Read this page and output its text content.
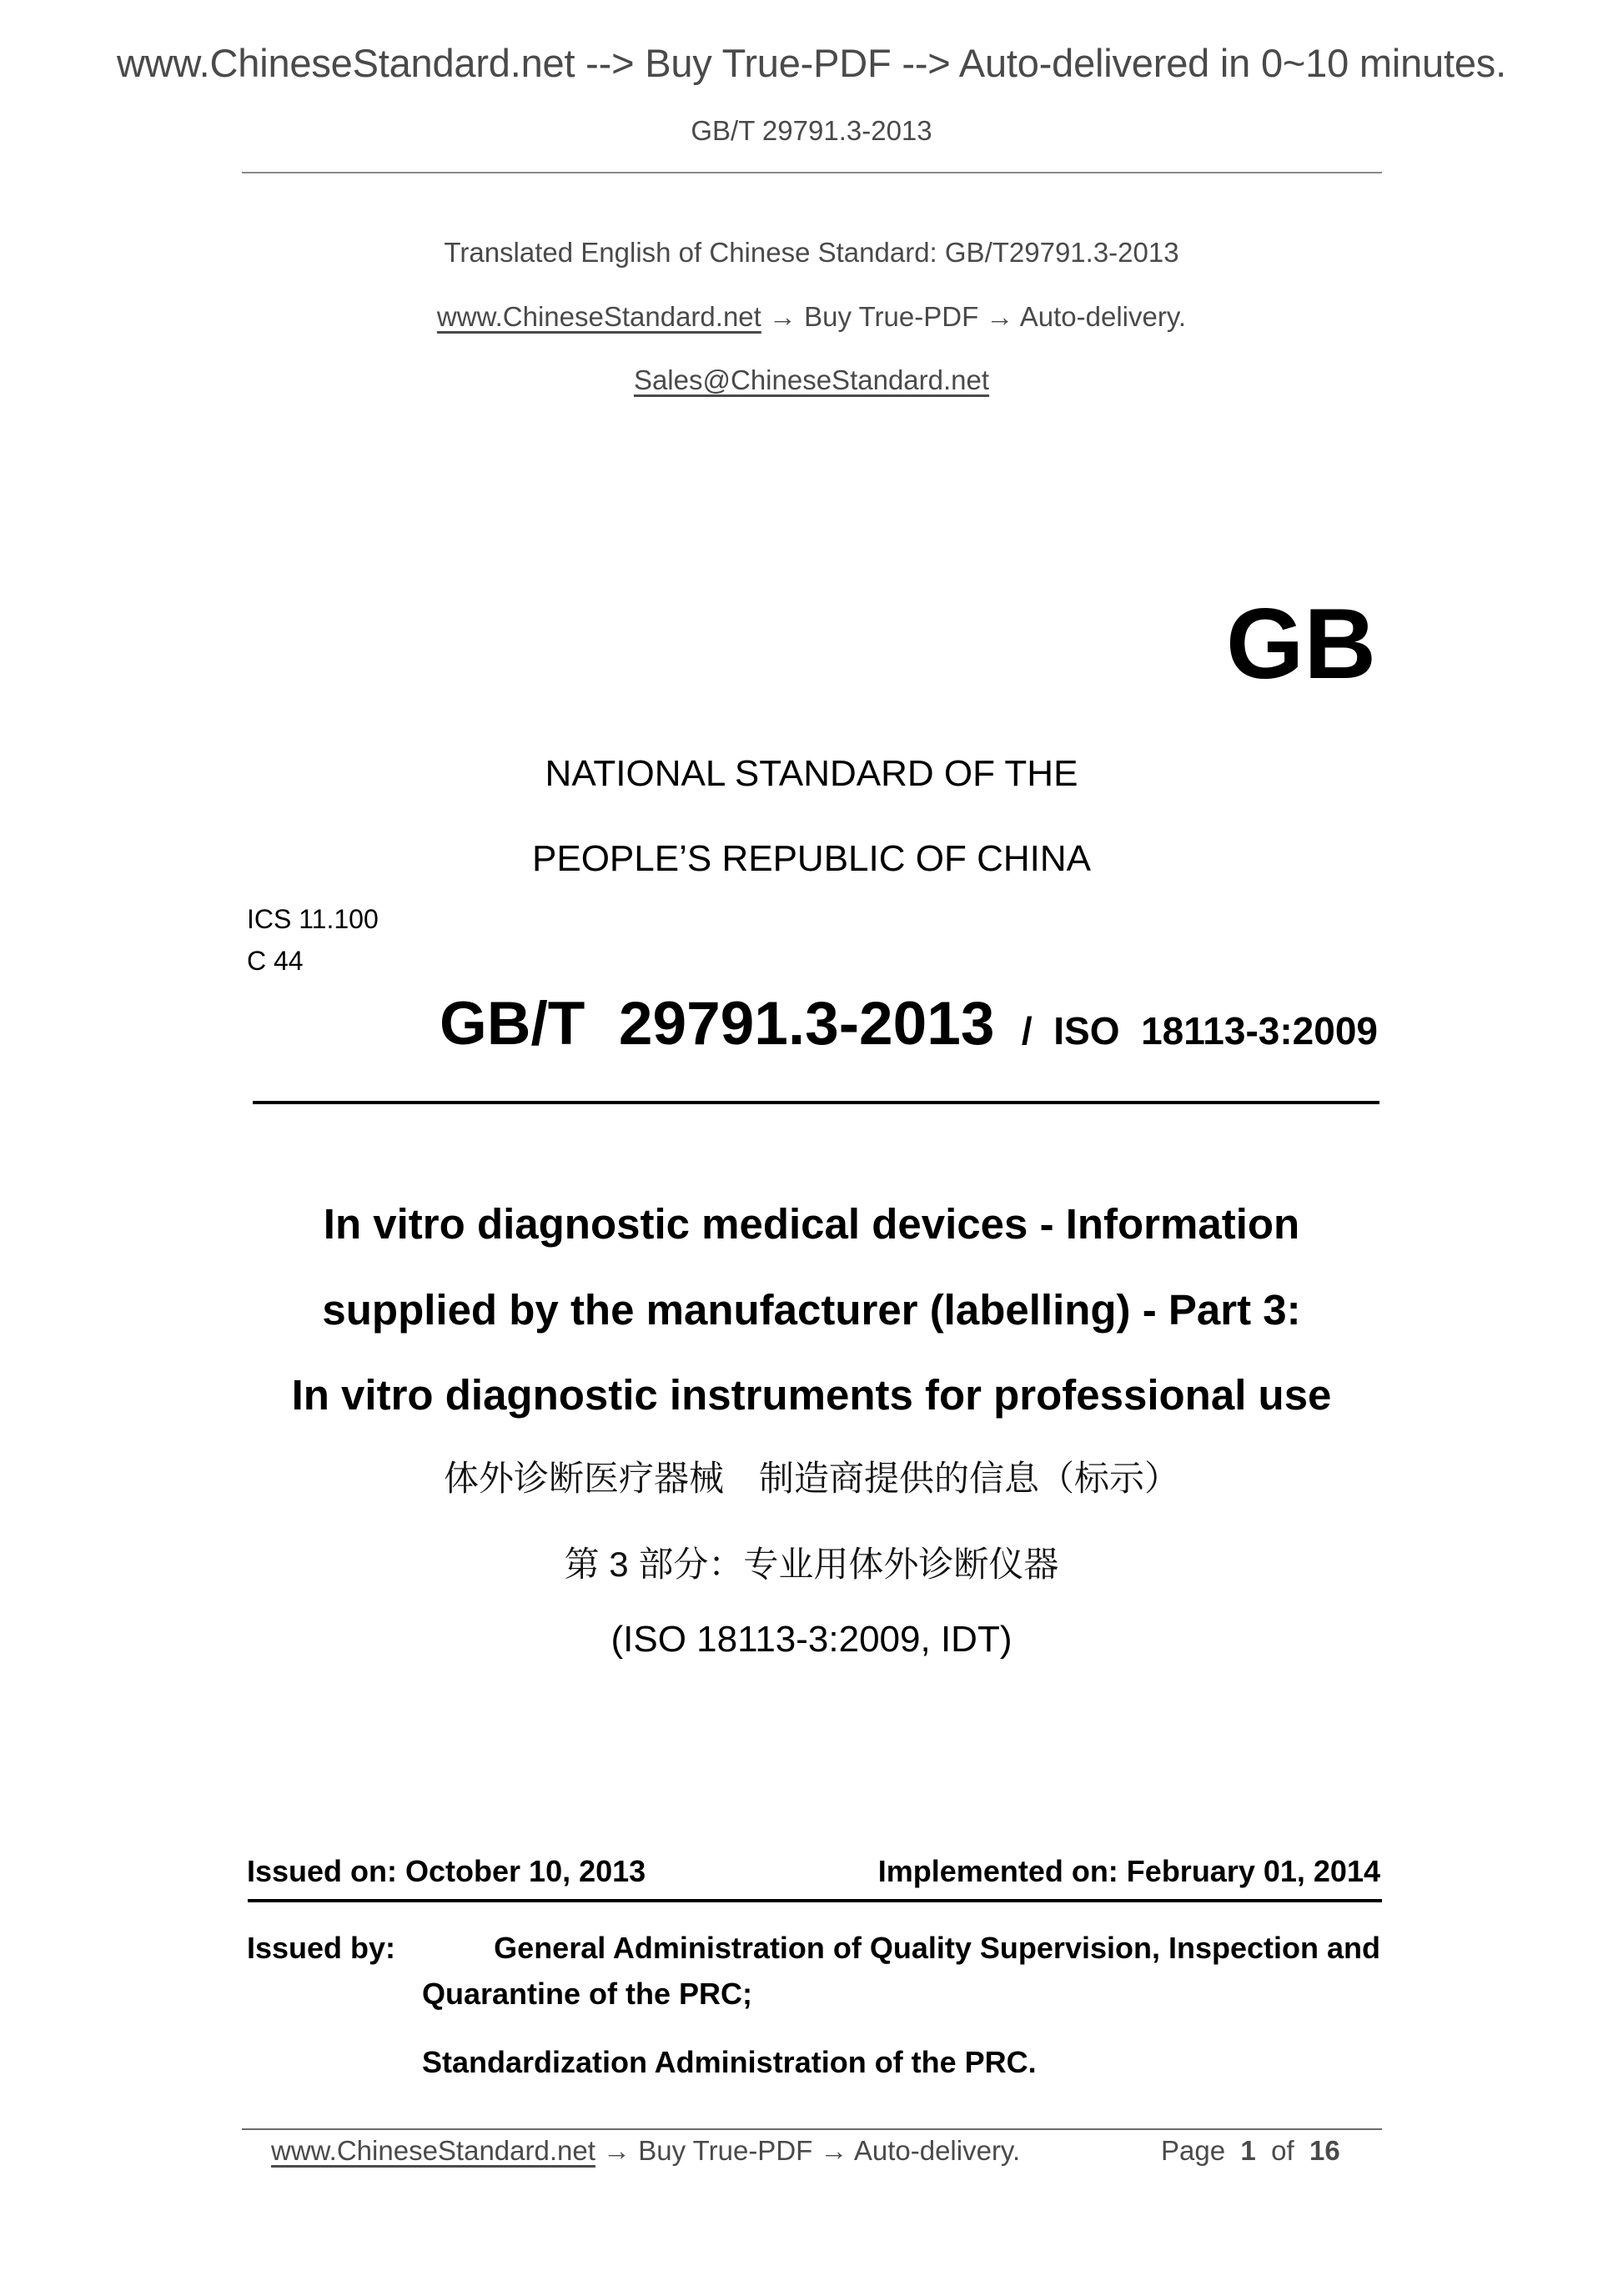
www.ChineseStandard.net --> Buy True-PDF --> Auto-delivered in 0~10 minutes.
GB/T 29791.3-2013
Translated English of Chinese Standard: GB/T29791.3-2013
www.ChineseStandard.net → Buy True-PDF → Auto-delivery.
Sales@ChineseStandard.net
GB
NATIONAL STANDARD OF THE
PEOPLE’S REPUBLIC OF CHINA
ICS 11.100
C 44
GB/T  29791.3-2013 /  ISO  18113-3:2009
In vitro diagnostic medical devices - Information
supplied by the manufacturer (labelling) - Part 3:
In vitro diagnostic instruments for professional use
体外诊断医疗器械　制造商提供的信息（标示）
第 3 部分：专业用体外诊断仪器
(ISO 18113-3:2009, IDT)
Issued on: October 10, 2013	Implemented on: February 01, 2014
Issued by:	General Administration of Quality Supervision, Inspection and
Quarantine of the PRC;
Standardization Administration of the PRC.
www.ChineseStandard.net → Buy True-PDF → Auto-delivery.	Page 1 of 16
